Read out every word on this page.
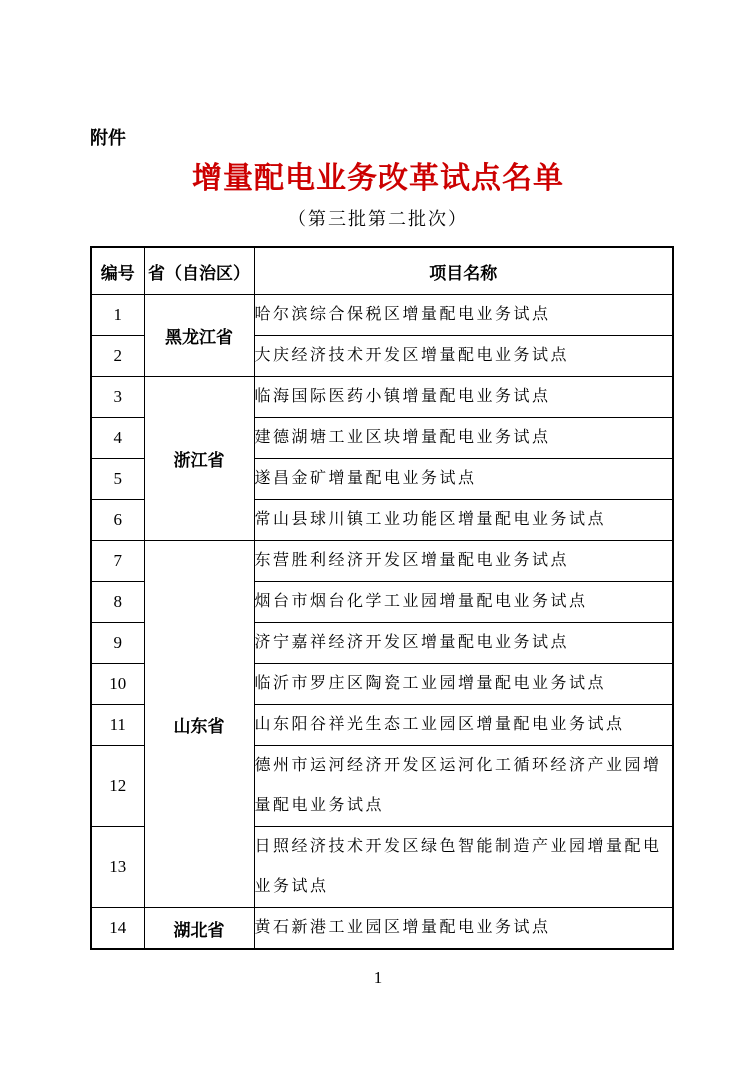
附件
增量配电业务改革试点名单
（第三批第二批次）
编号	省（自治区）	项目名称
1	黑龙江省	哈尔滨综合保税区增量配电业务试点
2		大庆经济技术开发区增量配电业务试点
3	浙江省	临海国际医药小镇增量配电业务试点
4		建德湖塘工业区块增量配电业务试点
5		遂昌金矿增量配电业务试点
6		常山县球川镇工业功能区增量配电业务试点
7	山东省	东营胜利经济开发区增量配电业务试点
8		烟台市烟台化学工业园增量配电业务试点
9		济宁嘉祥经济开发区增量配电业务试点
10		临沂市罗庄区陶瓷工业园增量配电业务试点
11		山东阳谷祥光生态工业园区增量配电业务试点
12		德州市运河经济开发区运河化工循环经济产业园增量配电业务试点
13		日照经济技术开发区绿色智能制造产业园增量配电业务试点
14	湖北省	黄石新港工业园区增量配电业务试点
1
